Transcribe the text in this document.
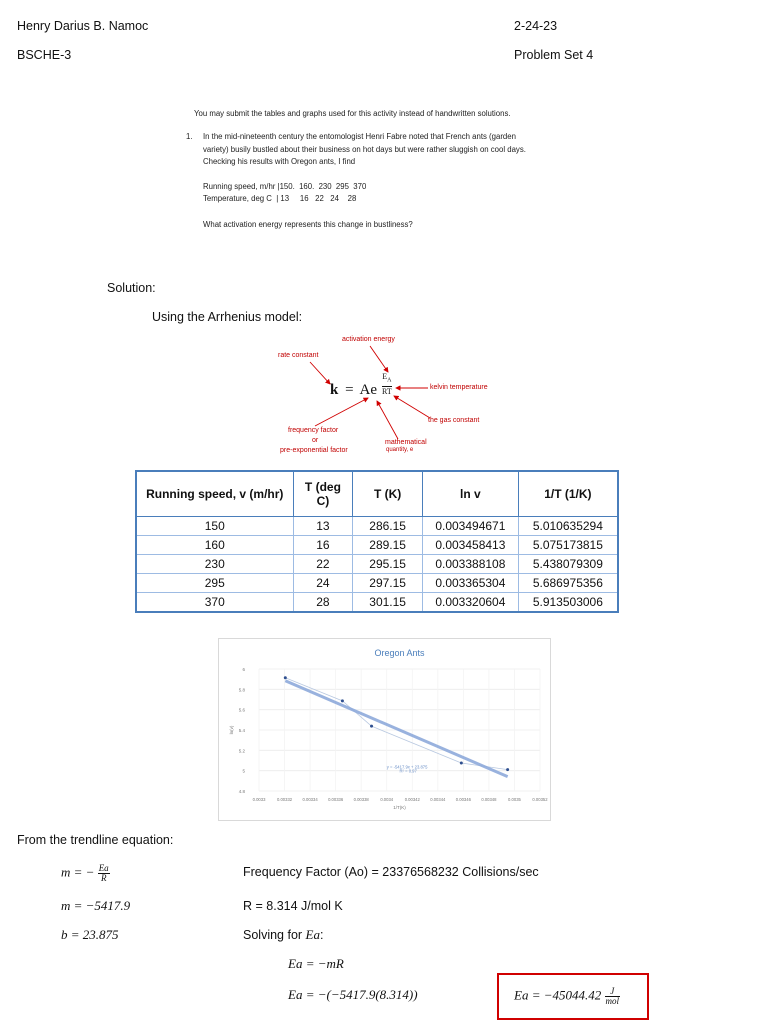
Henry Darius B. Namoc
BSCHE-3
2-24-23
Problem Set 4
You may submit the tables and graphs used for this activity instead of handwritten solutions.
1. In the mid-nineteenth century the entomologist Henri Fabre noted that French ants (garden
variety) busily bustled about their business on hot days but were rather sluggish on cool days.
Checking his results with Oregon ants, I find
Running speed, m/hr |150.  160.  230  295  370
Temperature, deg C  | 13     16   22   24    28
What activation energy represents this change in bustliness?
Solution:
Using the Arrhenius model:
activation energy
rate constant
kelvin temperature
the gas constant
frequency factor
or
pre-exponential factor
mathematical
quantity, e
k = Ae
$E_A$
RT
Running speed, v (m/hr)	T (deg C)	T (K)	ln v	1/T (1/K)
150	13	286.15	0.003494671	5.010635294
160	16	289.15	0.003458413	5.075173815
230	22	295.15	0.003388108	5.438079309
295	24	297.15	0.003365304	5.686975356
370	28	301.15	0.003320604	5.913503006
Oregon Ants
4.8
5
5.2
5.4
5.6
5.8
6
0.0033	0.00332 0.00334 0.00336 0.00338	0.0034	0.00342 0.00344 0.00346 0.00348	0.0035	0.00352
1/T(K)
ln(v)
y = -5417.9x + 23.875
R² = 0.97
From the trendline equation:
m = − $\frac{Ea}{R}$
m = −5417.9
b = 23.875
Frequency Factor (Ao) = 23376568232 Collisions/sec
R = 8.314 J/mol K
Solving for Ea:
Ea = −mR
Ea = −(−5417.9(8.314))	$Ea = -45044.42 \frac{J}{\text{mol}}$
